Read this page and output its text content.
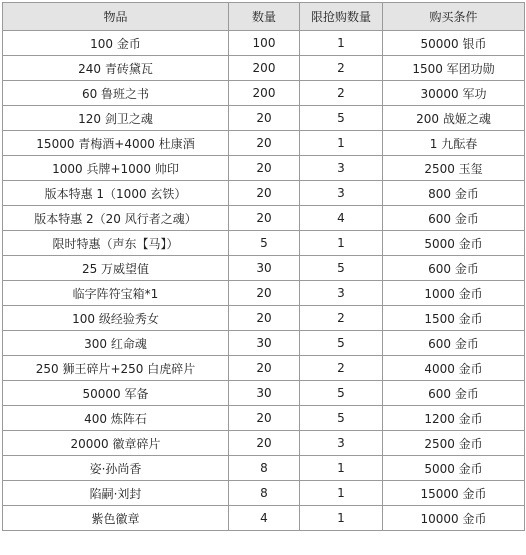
物品	数量	限抢购数量	购买条件
100 金币	100	1	50000 银币
240 青砖黛瓦	200	2	1500 军团功勋
60 鲁班之书	200	2	30000 军功
120 剑卫之魂	20	5	200 战姬之魂
15000 青梅酒+4000 杜康酒	20	1	1 九酝春
1000 兵牌+1000 帅印	20	3	2500 玉玺
版本特惠 1（1000 玄铁）	20	3	800 金币
版本特惠 2（20 风行者之魂）	20	4	600 金币
限时特惠（声东【马】）	5	1	5000 金币
25 万威望值	30	5	600 金币
临字阵符宝箱*1	20	3	1000 金币
100 级经验秀女	20	2	1500 金币
300 红命魂	30	5	600 金币
250 狮王碎片+250 白虎碎片	20	2	4000 金币
50000 军备	30	5	600 金币
400 炼阵石	20	5	1200 金币
20000 徽章碎片	20	3	2500 金币
姿·孙尚香	8	1	5000 金币
陷嗣·刘封	8	1	15000 金币
紫色徽章	4	1	10000 金币
